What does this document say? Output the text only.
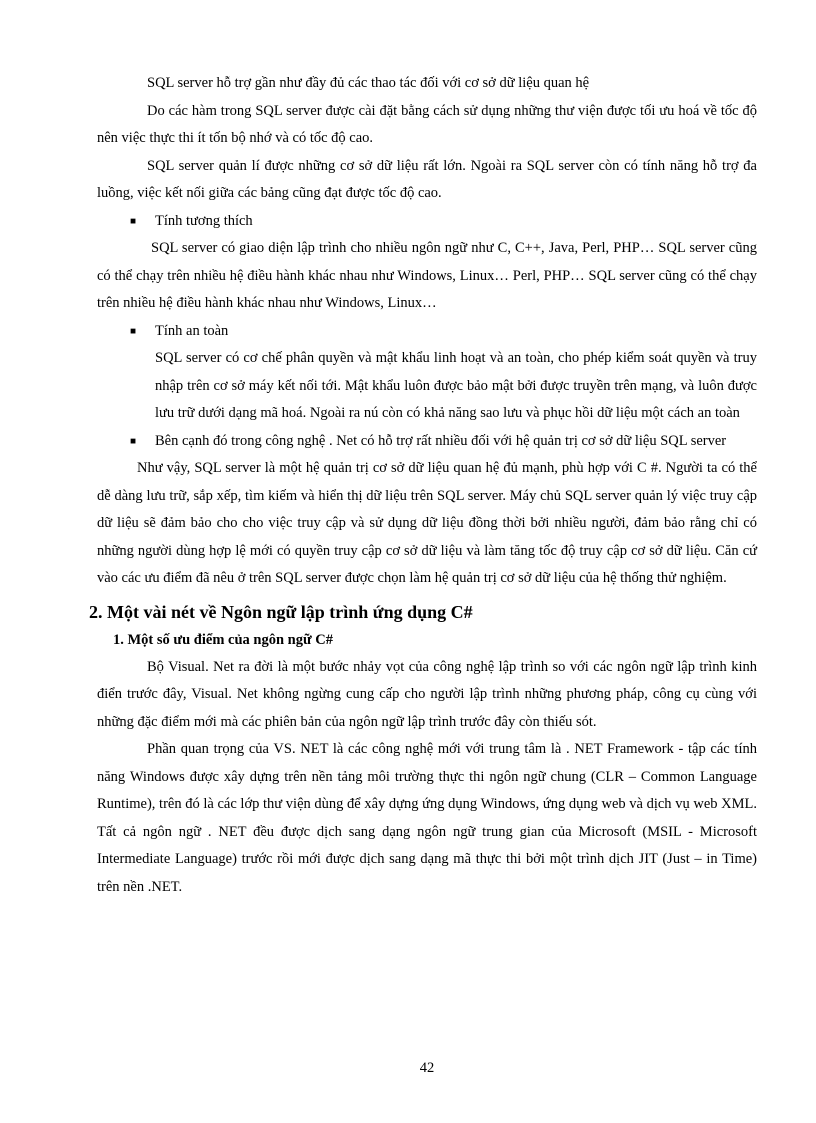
SQL server hỗ trợ gần như đầy đủ các thao tác đối với cơ sở dữ liệu quan hệ

Do các hàm trong SQL server được cài đặt bằng cách sử dụng những thư viện được tối ưu hoá về tốc độ nên việc thực thi ít tốn bộ nhớ và có tốc độ cao.

SQL server quản lí được những cơ sở dữ liệu rất lớn. Ngoài ra SQL server còn có tính năng hỗ trợ đa luồng, việc kết nối giữa các bảng cũng đạt được tốc độ cao.

■	Tính tương thích

SQL server có giao diện lập trình cho nhiều ngôn ngữ như C, C++, Java, Perl, PHP… SQL server cũng có thể chạy trên nhiều hệ điều hành khác nhau như Windows, Linux… Perl, PHP… SQL server cũng có thể chạy trên nhiều hệ điều hành khác nhau như Windows, Linux…

■	Tính an toàn

SQL server có cơ chế phân quyền và mật khẩu linh hoạt và an toàn, cho phép kiểm soát quyền và truy nhập trên cơ sở máy kết nối tới. Mật khẩu luôn được bảo mật bởi được truyền trên mạng, và luôn được lưu trữ dưới dạng mã hoá. Ngoài ra nú còn có khả năng sao lưu và phục hồi dữ liệu một cách an toàn

■	Bên cạnh đó trong công nghệ . Net có hỗ trợ rất nhiều đối với hệ quản trị cơ sở dữ liệu SQL server

Như vậy, SQL server là một hệ quản trị cơ sở dữ liệu quan hệ đủ mạnh, phù hợp với C #. Người ta có thể dễ dàng lưu trữ, sắp xếp, tìm kiếm và hiển thị dữ liệu trên SQL server. Máy chủ SQL server quản lý việc truy cập dữ liệu sẽ đảm bảo cho cho việc truy cập và sử dụng dữ liệu đồng thời bởi nhiều người, đảm bảo rằng chỉ có những người dùng hợp lệ mới có quyền truy cập cơ sở dữ liệu và làm tăng tốc độ truy cập cơ sở dữ liệu. Căn cứ vào các ưu điểm đã nêu ở trên SQL server được chọn làm hệ quản trị cơ sở dữ liệu của hệ thống thử nghiệm.

2. Một vài nét về Ngôn ngữ lập trình ứng dụng C#
1. Một số ưu điểm của ngôn ngữ C#

Bộ Visual. Net ra đời là một bước nhảy vọt của công nghệ lập trình so với các ngôn ngữ lập trình kinh điển trước đây, Visual. Net không ngừng cung cấp cho người lập trình những phương pháp, công cụ cùng với những đặc điểm mới mà các phiên bản của ngôn ngữ lập trình trước đây còn thiếu sót.

Phần quan trọng của VS. NET là các công nghệ mới với trung tâm là . NET Framework - tập các tính năng Windows được xây dựng trên nền tảng môi trường thực thi ngôn ngữ chung (CLR – Common Language Runtime), trên đó là các lớp thư viện dùng để xây dựng ứng dụng Windows, ứng dụng web và dịch vụ web XML. Tất cả ngôn ngữ . NET đều được dịch sang dạng ngôn ngữ trung gian của Microsoft (MSIL - Microsoft Intermediate Language) trước rồi mới được dịch sang dạng mã thực thi bởi một trình dịch JIT (Just – in Time) trên nền .NET.

42
